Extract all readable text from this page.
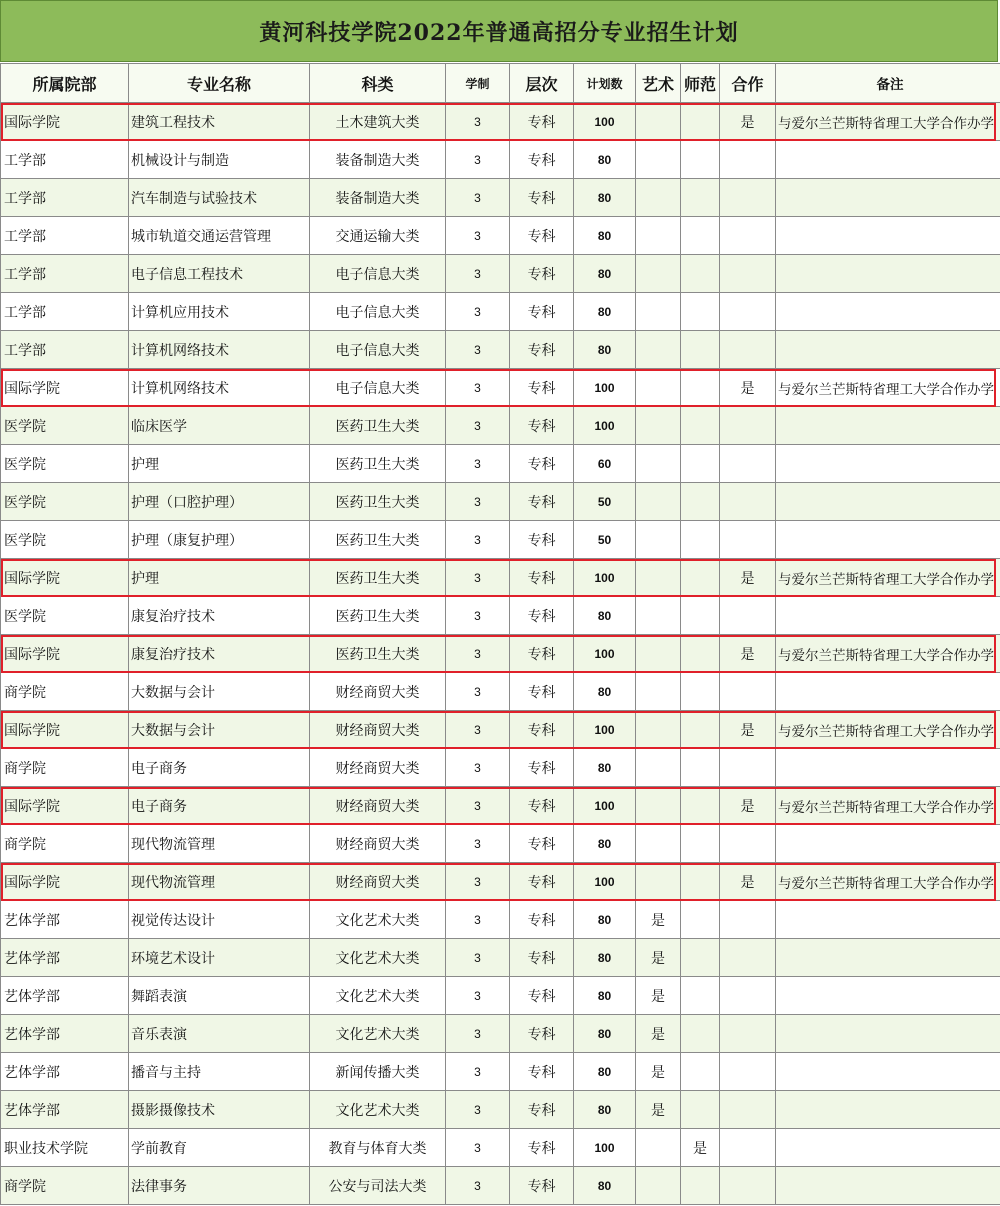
黄河科技学院2022年普通高招分专业招生计划
所属院部	专业名称	科类	学制	层次	计划数	艺术	师范	合作	备注
国际学院	建筑工程技术	土木建筑大类	3	专科	100			是	与爱尔兰芒斯特省理工大学合作办学
工学部	机械设计与制造	装备制造大类	3	专科	80				
工学部	汽车制造与试验技术	装备制造大类	3	专科	80				
工学部	城市轨道交通运营管理	交通运输大类	3	专科	80				
工学部	电子信息工程技术	电子信息大类	3	专科	80				
工学部	计算机应用技术	电子信息大类	3	专科	80				
工学部	计算机网络技术	电子信息大类	3	专科	80				
国际学院	计算机网络技术	电子信息大类	3	专科	100			是	与爱尔兰芒斯特省理工大学合作办学
医学院	临床医学	医药卫生大类	3	专科	100				
医学院	护理	医药卫生大类	3	专科	60				
医学院	护理（口腔护理）	医药卫生大类	3	专科	50				
医学院	护理（康复护理）	医药卫生大类	3	专科	50				
国际学院	护理	医药卫生大类	3	专科	100			是	与爱尔兰芒斯特省理工大学合作办学
医学院	康复治疗技术	医药卫生大类	3	专科	80				
国际学院	康复治疗技术	医药卫生大类	3	专科	100			是	与爱尔兰芒斯特省理工大学合作办学
商学院	大数据与会计	财经商贸大类	3	专科	80				
国际学院	大数据与会计	财经商贸大类	3	专科	100			是	与爱尔兰芒斯特省理工大学合作办学
商学院	电子商务	财经商贸大类	3	专科	80				
国际学院	电子商务	财经商贸大类	3	专科	100			是	与爱尔兰芒斯特省理工大学合作办学
商学院	现代物流管理	财经商贸大类	3	专科	80				
国际学院	现代物流管理	财经商贸大类	3	专科	100			是	与爱尔兰芒斯特省理工大学合作办学
艺体学部	视觉传达设计	文化艺术大类	3	专科	80	是			
艺体学部	环境艺术设计	文化艺术大类	3	专科	80	是			
艺体学部	舞蹈表演	文化艺术大类	3	专科	80	是			
艺体学部	音乐表演	文化艺术大类	3	专科	80	是			
艺体学部	播音与主持	新闻传播大类	3	专科	80	是			
艺体学部	摄影摄像技术	文化艺术大类	3	专科	80	是			
职业技术学院	学前教育	教育与体育大类	3	专科	100		是		
商学院	法律事务	公安与司法大类	3	专科	80				
